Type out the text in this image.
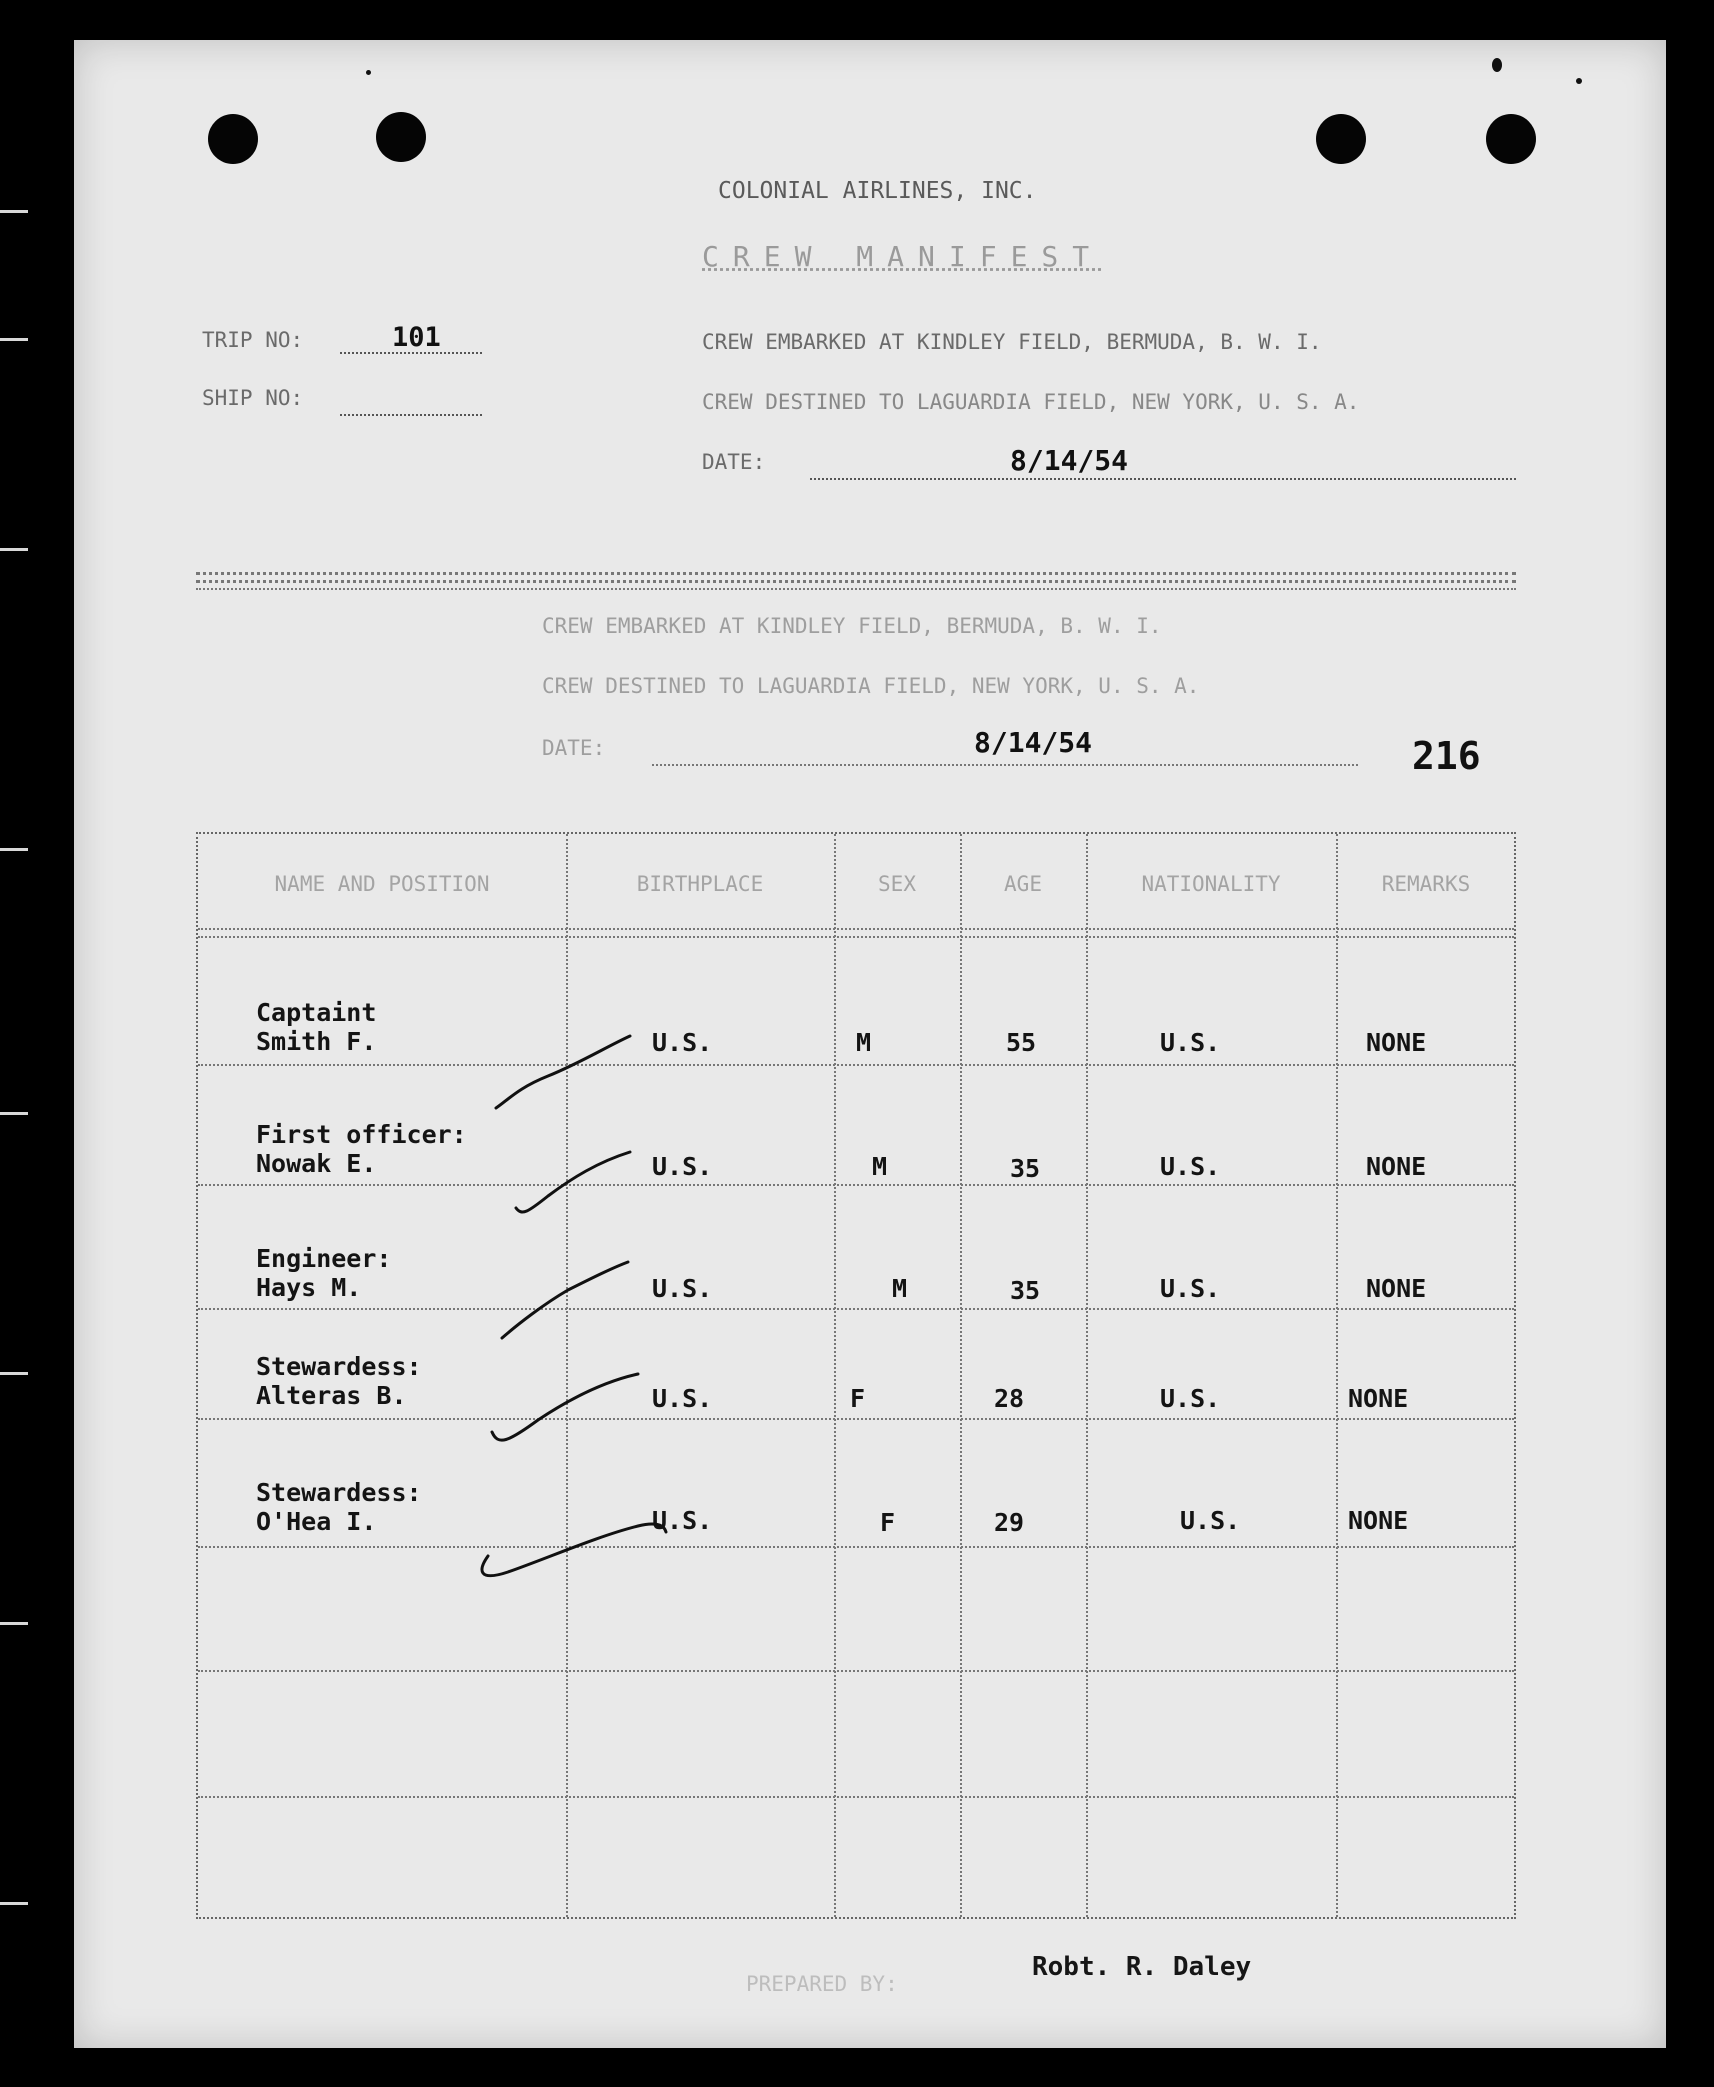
COLONIAL AIRLINES, INC.
CREW MANIFEST
TRIP NO:	101
SHIP NO:
CREW EMBARKED AT KINDLEY FIELD, BERMUDA, B. W. I.
CREW DESTINED TO LAGUARDIA FIELD, NEW YORK, U. S. A.
DATE:	8/14/54
CREW EMBARKED AT KINDLEY FIELD, BERMUDA, B. W. I.
CREW DESTINED TO LAGUARDIA FIELD, NEW YORK, U. S. A.
DATE:	8/14/54	216
NAME AND POSITION	BIRTHPLACE	SEX	AGE	NATIONALITY	REMARKS
Captaint
Smith F.	U.S.	M	55	U.S.	NONE
First officer:
Nowak E.	U.S.	M	35	U.S.	NONE
Engineer:
Hays M.	U.S.	M	35	U.S.	NONE
Stewardess:
Alteras B.	U.S.	F	28	U.S.	NONE
Stewardess:
O'Hea I.	U.S.	F	29	U.S.	NONE
PREPARED BY:
Robt. R. Daley
